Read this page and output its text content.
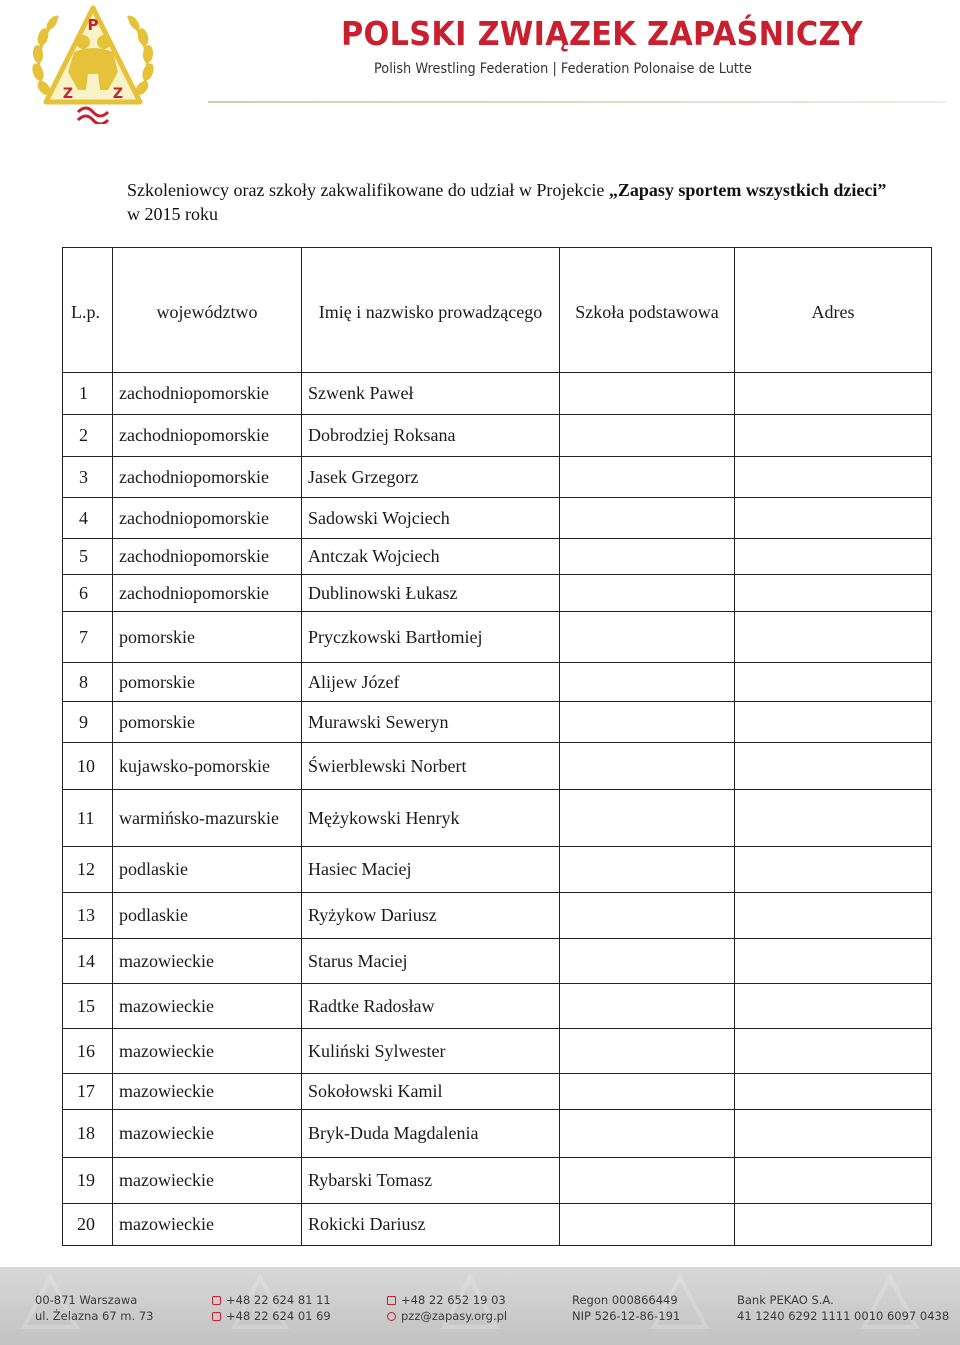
P
Z	Z
POLSKI ZWIĄZEK ZAPAŚNICZY
Polish Wrestling Federation | Federation Polonaise de Lutte
Szkoleniowcy oraz szkoły zakwalifikowane do udział w Projekcie „Zapasy sportem wszystkich dzieci” w 2015 roku
L.p.	województwo	Imię i nazwisko prowadzącego	Szkoła podstawowa	Adres
1	zachodniopomorskie	Szwenk Paweł		
2	zachodniopomorskie	Dobrodziej Roksana		
3	zachodniopomorskie	Jasek Grzegorz		
4	zachodniopomorskie	Sadowski Wojciech		
5	zachodniopomorskie	Antczak Wojciech		
6	zachodniopomorskie	Dublinowski Łukasz		
7	pomorskie	Pryczkowski Bartłomiej		
8	pomorskie	Alijew Józef		
9	pomorskie	Murawski Seweryn		
10	kujawsko-pomorskie	Świerblewski Norbert		
11	warmińsko-mazurskie	Mężykowski Henryk		
12	podlaskie	Hasiec Maciej		
13	podlaskie	Ryżykow Dariusz		
14	mazowieckie	Starus Maciej		
15	mazowieckie	Radtke Radosław		
16	mazowieckie	Kuliński Sylwester		
17	mazowieckie	Sokołowski Kamil		
18	mazowieckie	Bryk-Duda Magdalenia		
19	mazowieckie	Rybarski Tomasz		
20	mazowieckie	Rokicki Dariusz		
00-871 Warszawa
ul. Żelazna 67 m. 73
+48 22 624 81 11
+48 22 624 01 69
+48 22 652 19 03
pzz@zapasy.org.pl
Regon 000866449
NIP 526-12-86-191
Bank PEKAO S.A.
41 1240 6292 1111 0010 6097 0438
